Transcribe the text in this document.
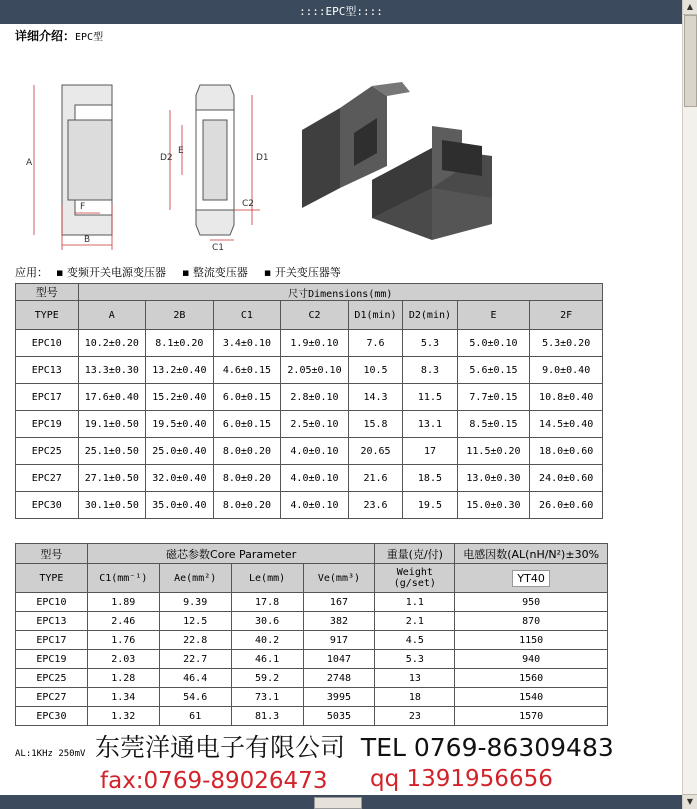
::::EPC型::::	▲
▼
详细介绍：EPC型
A
F
B
D2
E
D1
C2
C1
应用： ▪ 变频开关电源变压器 ▪ 整流变压器 ▪ 开关变压器等
型号	尺寸Dimensions(mm)							
TYPE	A	2B	C1	C2	D1(min)	D2(min)	E	2F
EPC10	10.2±0.20	8.1±0.20	3.4±0.10	1.9±0.10	7.6	5.3	5.0±0.10	5.3±0.20
EPC13	13.3±0.30	13.2±0.40	4.6±0.15	2.05±0.10	10.5	8.3	5.6±0.15	9.0±0.40
EPC17	17.6±0.40	15.2±0.40	6.0±0.15	2.8±0.10	14.3	11.5	7.7±0.15	10.8±0.40
EPC19	19.1±0.50	19.5±0.40	6.0±0.15	2.5±0.10	15.8	13.1	8.5±0.15	14.5±0.40
EPC25	25.1±0.50	25.0±0.40	8.0±0.20	4.0±0.10	20.65	17	11.5±0.20	18.0±0.60
EPC27	27.1±0.50	32.0±0.40	8.0±0.20	4.0±0.10	21.6	18.5	13.0±0.30	24.0±0.60
EPC30	30.1±0.50	35.0±0.40	8.0±0.20	4.0±0.10	23.6	19.5	15.0±0.30	26.0±0.60
型号	磁芯参数Core Parameter				重量(克/付)	电感因数(AL(nH/N²)±30%
TYPE	C1(mm⁻¹)	Ae(mm²)	Le(mm)	Ve(mm³)	Weight (g/set)	YT40
EPC10	1.89	9.39	17.8	167	1.1	950
EPC13	2.46	12.5	30.6	382	2.1	870
EPC17	1.76	22.8	40.2	917	4.5	1150
EPC19	2.03	22.7	46.1	1047	5.3	940
EPC25	1.28	46.4	59.2	2748	13	1560
EPC27	1.34	54.6	73.1	3995	18	1540
EPC30	1.32	61	81.3	5035	23	1570
AL:1KHz 250mV 东莞洋通电子有限公司 TEL 0769-86309483
fax:0769-89026473 qq 1391956656
